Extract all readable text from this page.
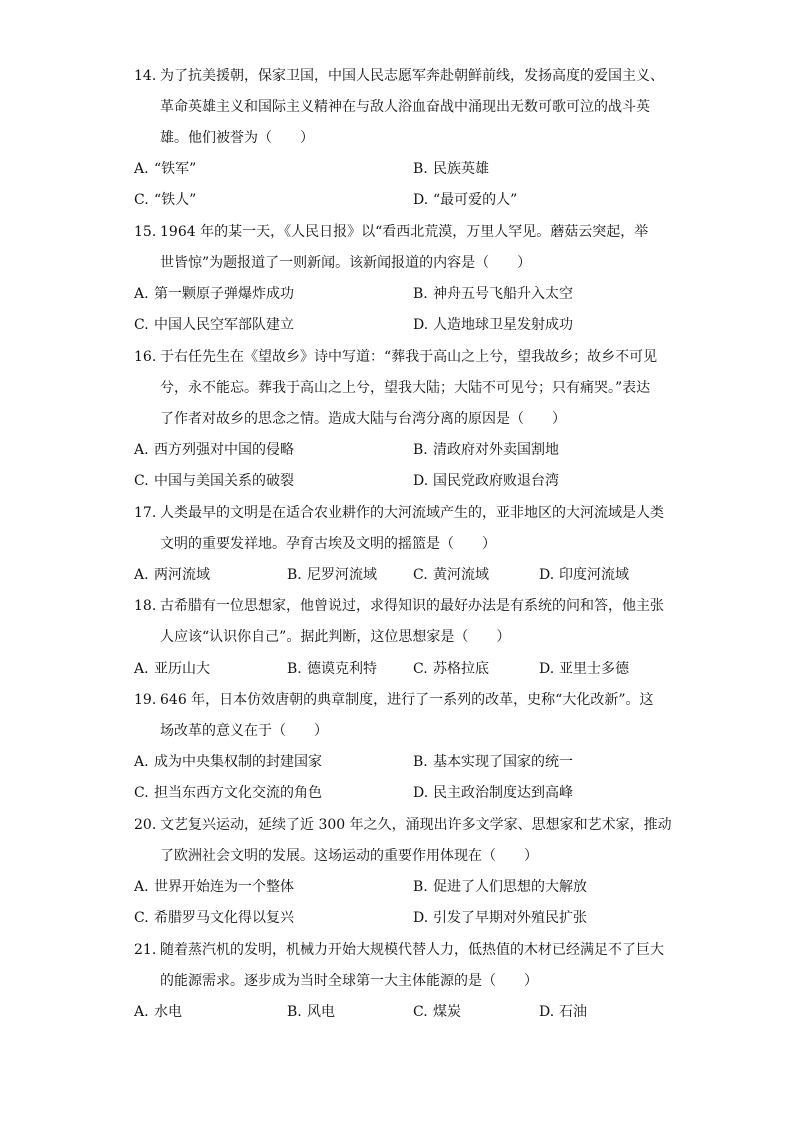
14. 为了抗美援朝，保家卫国，中国人民志愿军奔赴朝鲜前线，发扬高度的爱国主义、
革命英雄主义和国际主义精神在与敌人浴血奋战中涌现出无数可歌可泣的战斗英
雄。他们被誉为（　　）
A. “铁军”	B. 民族英雄
C. “铁人”	D. “最可爱的人”
15. 1964 年的某一天，《人民日报》以“看西北荒漠，万里人罕见。蘑菇云突起，举
世皆惊”为题报道了一则新闻。该新闻报道的内容是（　　）
A. 第一颗原子弹爆炸成功	B. 神舟五号飞船升入太空
C. 中国人民空军部队建立	D. 人造地球卫星发射成功
16. 于右任先生在《望故乡》诗中写道：“葬我于高山之上兮，望我故乡；故乡不可见
兮，永不能忘。葬我于高山之上兮，望我大陆；大陆不可见兮；只有痛哭。”表达
了作者对故乡的思念之情。造成大陆与台湾分离的原因是（　　）
A. 西方列强对中国的侵略	B. 清政府对外卖国割地
C. 中国与美国关系的破裂	D. 国民党政府败退台湾
17. 人类最早的文明是在适合农业耕作的大河流域产生的，亚非地区的大河流域是人类
文明的重要发祥地。孕育古埃及文明的摇篮是（　　）
A. 两河流域	B. 尼罗河流域	C. 黄河流域	D. 印度河流域
18. 古希腊有一位思想家，他曾说过，求得知识的最好办法是有系统的问和答，他主张
人应该“认识你自己”。据此判断，这位思想家是（　　）
A. 亚历山大	B. 德谟克利特	C. 苏格拉底	D. 亚里士多德
19. 646 年，日本仿效唐朝的典章制度，进行了一系列的改革，史称“大化改新”。这
场改革的意义在于（　　）
A. 成为中央集权制的封建国家	B. 基本实现了国家的统一
C. 担当东西方文化交流的角色	D. 民主政治制度达到高峰
20. 文艺复兴运动，延续了近 300 年之久，涌现出许多文学家、思想家和艺术家，推动
了欧洲社会文明的发展。这场运动的重要作用体现在（　　）
A. 世界开始连为一个整体	B. 促进了人们思想的大解放
C. 希腊罗马文化得以复兴	D. 引发了早期对外殖民扩张
21. 随着蒸汽机的发明，机械力开始大规模代替人力，低热值的木材已经满足不了巨大
的能源需求。逐步成为当时全球第一大主体能源的是（　　）
A. 水电	B. 风电	C. 煤炭	D. 石油
